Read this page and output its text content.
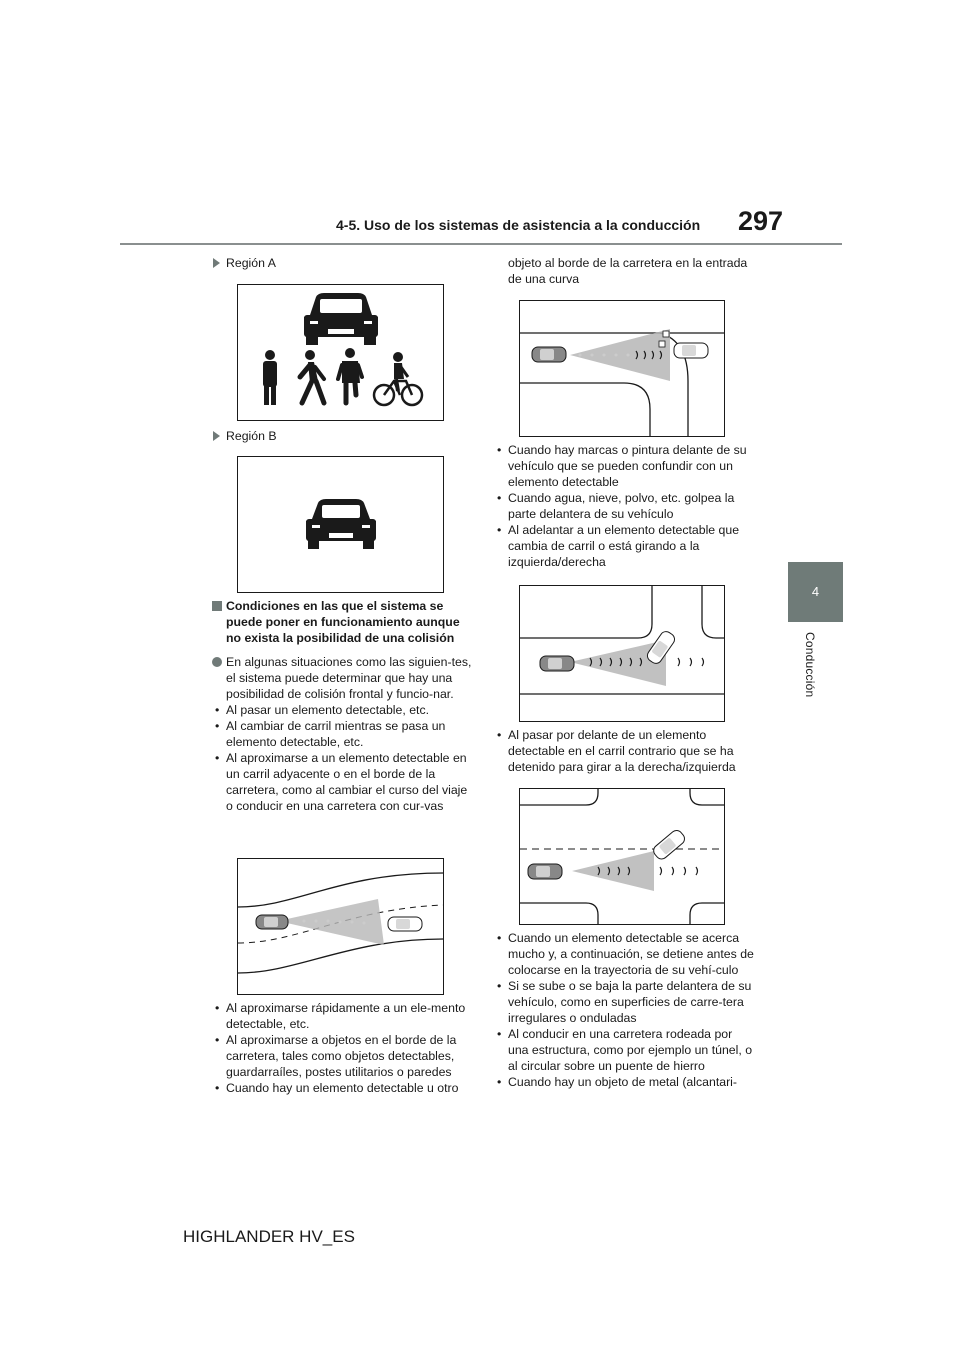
4-5. Uso de los sistemas de asistencia a la conducción 297
4
Conducción

Región A

Región B

Condiciones en las que el sistema se puede poner en funcionamiento aunque no exista la posibilidad de una colisión

En algunas situaciones como las siguien-tes, el sistema puede determinar que hay una posibilidad de colisión frontal y funcio-nar.

• Al pasar un elemento detectable, etc.

• Al cambiar de carril mientras se pasa un elemento detectable, etc.

• Al aproximarse a un elemento detectable en un carril adyacente o en el borde de la carretera, como al cambiar el curso del viaje o conducir en una carretera con cur-vas

• Al aproximarse rápidamente a un ele-mento detectable, etc.

• Al aproximarse a objetos en el borde de la carretera, tales como objetos detectables, guardarraíles, postes utilitarios o paredes

• Cuando hay un elemento detectable u otro

objeto al borde de la carretera en la entrada de una curva

• Cuando hay marcas o pintura delante de su vehículo que se pueden confundir con un elemento detectable

• Cuando agua, nieve, polvo, etc. golpea la parte delantera de su vehículo

• Al adelantar a un elemento detectable que cambia de carril o está girando a la izquierda/derecha

• Al pasar por delante de un elemento detectable en el carril contrario que se ha detenido para girar a la derecha/izquierda

• Cuando un elemento detectable se acerca mucho y, a continuación, se detiene antes de colocarse en la trayectoria de su vehí-culo

• Si se sube o se baja la parte delantera de su vehículo, como en superficies de carre-tera irregulares o onduladas

• Al conducir en una carretera rodeada por una estructura, como por ejemplo un túnel, o al circular sobre un puente de hierro

• Cuando hay un objeto de metal (alcantari-

HIGHLANDER HV_ES
